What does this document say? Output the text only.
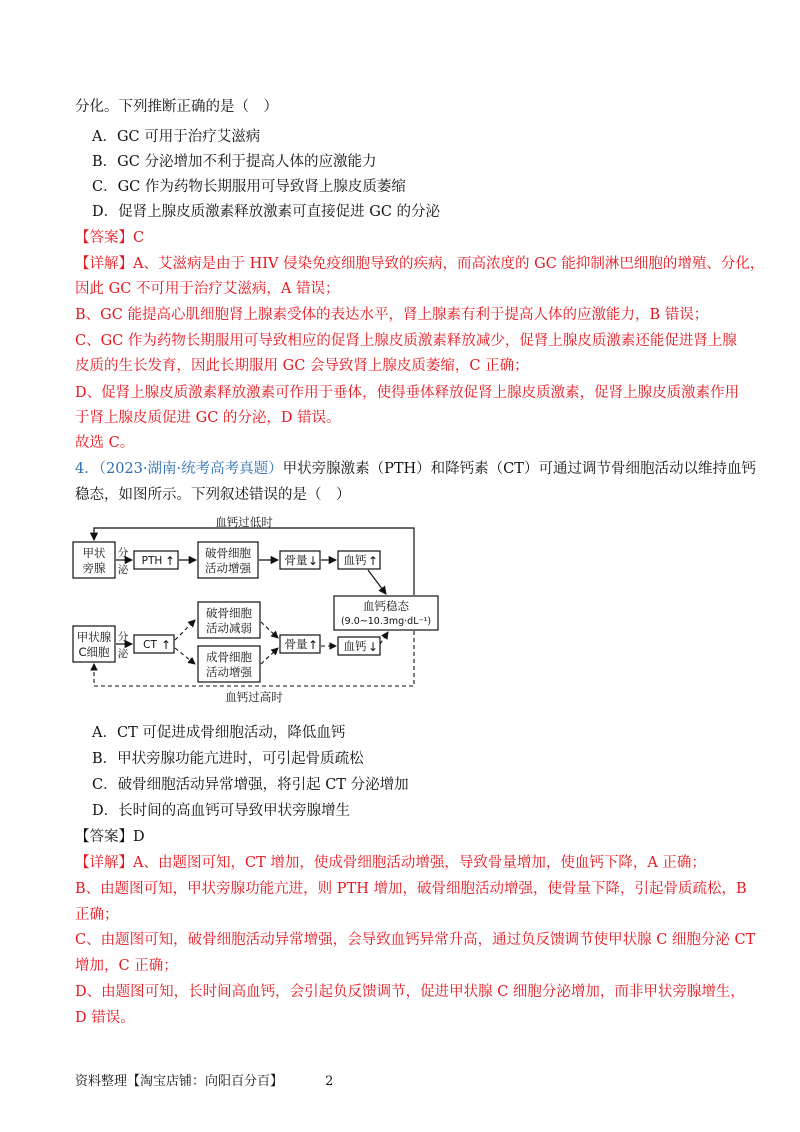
分化。下列推断正确的是（　）
A．GC 可用于治疗艾滋病
B．GC 分泌增加不利于提高人体的应激能力
C．GC 作为药物长期服用可导致肾上腺皮质萎缩
D．促肾上腺皮质激素释放激素可直接促进 GC 的分泌
【答案】C
【详解】A、艾滋病是由于 HIV 侵染免疫细胞导致的疾病，而高浓度的 GC 能抑制淋巴细胞的增殖、分化，
因此 GC 不可用于治疗艾滋病，A 错误；
B、GC 能提高心肌细胞肾上腺素受体的表达水平，肾上腺素有利于提高人体的应激能力，B 错误；
C、GC 作为药物长期服用可导致相应的促肾上腺皮质激素释放减少，促肾上腺皮质激素还能促进肾上腺
皮质的生长发育，因此长期服用 GC 会导致肾上腺皮质萎缩，C 正确；
D、促肾上腺皮质激素释放激素可作用于垂体，使得垂体释放促肾上腺皮质激素，促肾上腺皮质激素作用
于肾上腺皮质促进 GC 的分泌，D 错误。
故选 C。
4．（2023·湖南·统考高考真题）甲状旁腺激素（PTH）和降钙素（CT）可通过调节骨细胞活动以维持血钙
稳态，如图所示。下列叙述错误的是（　）
血钙过低时
甲状
旁腺
分
泌
PTH ↑
破骨细胞
活动增强
骨量 ↓ 血钙 ↑
血钙稳态
(9.0~10.3mg·dL⁻¹)
甲状腺
C细胞
分
泌
CT ↑
破骨细胞
活动减弱
成骨细胞
活动增强
骨量 ↑ 血钙 ↓
血钙过高时
A．CT 可促进成骨细胞活动，降低血钙
B．甲状旁腺功能亢进时，可引起骨质疏松
C．破骨细胞活动异常增强，将引起 CT 分泌增加
D．长时间的高血钙可导致甲状旁腺增生
【答案】D
【详解】A、由题图可知，CT 增加，使成骨细胞活动增强，导致骨量增加，使血钙下降，A 正确；
B、由题图可知，甲状旁腺功能亢进，则 PTH 增加，破骨细胞活动增强，使骨量下降，引起骨质疏松，B
正确；
C、由题图可知，破骨细胞活动异常增强，会导致血钙异常升高，通过负反馈调节使甲状腺 C 细胞分泌 CT
增加，C 正确；
D、由题图可知，长时间高血钙，会引起负反馈调节，促进甲状腺 C 细胞分泌增加，而非甲状旁腺增生，
D 错误。
资料整理【淘宝店铺：向阳百分百】	2
